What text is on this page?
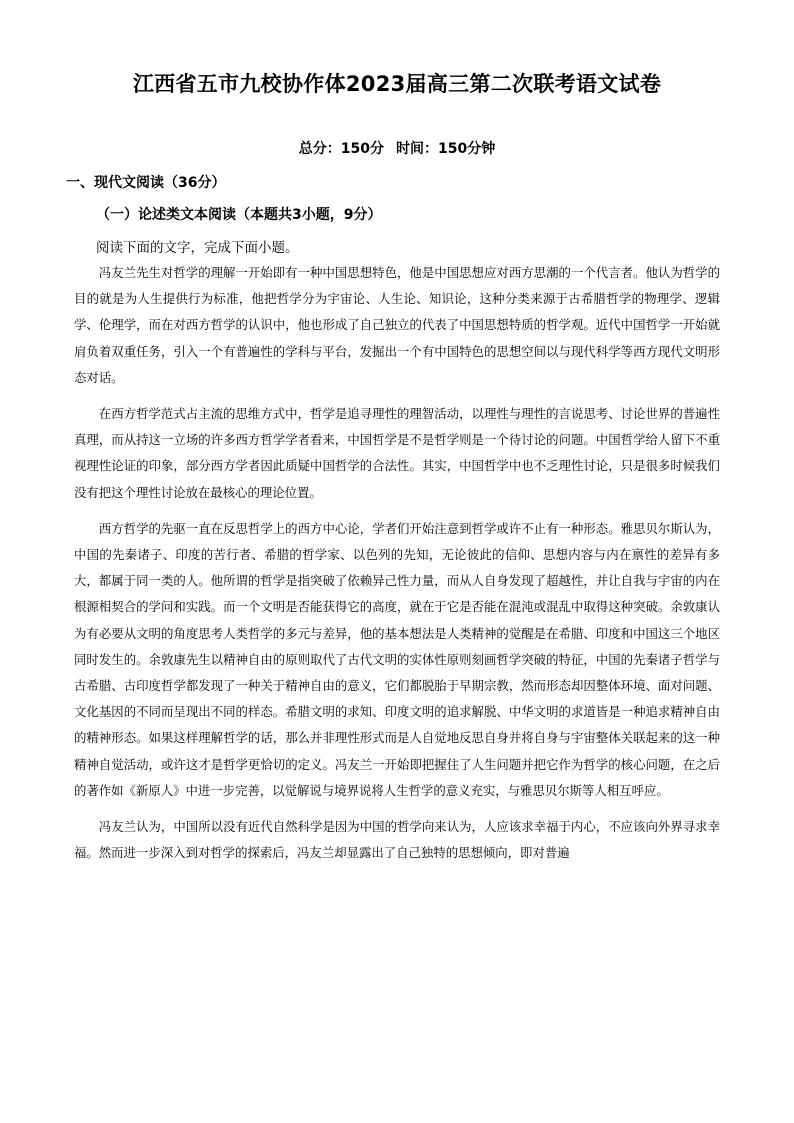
江西省五市九校协作体2023届高三第二次联考语文试卷
总分：150分 时间：150分钟
一、现代文阅读（36分）
（一）论述类文本阅读（本题共3小题，9分）
阅读下面的文字，完成下面小题。

冯友兰先生对哲学的理解一开始即有一种中国思想特色，他是中国思想应对西方思潮的一个代言者。他认为哲学的目的就是为人生提供行为标准，他把哲学分为宇宙论、人生论、知识论，这种分类来源于古希腊哲学的物理学、逻辑学、伦理学，而在对西方哲学的认识中，他也形成了自己独立的代表了中国思想特质的哲学观。近代中国哲学一开始就肩负着双重任务，引入一个有普遍性的学科与平台，发掘出一个有中国特色的思想空间以与现代科学等西方现代文明形态对话。

在西方哲学范式占主流的思维方式中，哲学是追寻理性的理智活动，以理性与理性的言说思考、讨论世界的普遍性真理，而从持这一立场的许多西方哲学学者看来，中国哲学是不是哲学则是一个待讨论的问题。中国哲学给人留下不重视理性论证的印象，部分西方学者因此质疑中国哲学的合法性。其实，中国哲学中也不乏理性讨论，只是很多时候我们没有把这个理性讨论放在最核心的理论位置。

西方哲学的先驱一直在反思哲学上的西方中心论，学者们开始注意到哲学或许不止有一种形态。雅思贝尔斯认为，中国的先秦诸子、印度的苦行者、希腊的哲学家、以色列的先知，无论彼此的信仰、思想内容与内在禀性的差异有多大，都属于同一类的人。他所谓的哲学是指突破了依赖异己性力量，而从人自身发现了超越性，并让自我与宇宙的内在根源相契合的学问和实践。而一个文明是否能获得它的高度，就在于它是否能在混沌或混乱中取得这种突破。余敦康认为有必要从文明的角度思考人类哲学的多元与差异，他的基本想法是人类精神的觉醒是在希腊、印度和中国这三个地区同时发生的。余敦康先生以精神自由的原则取代了古代文明的实体性原则刻画哲学突破的特征，中国的先秦诸子哲学与古希腊、古印度哲学都发现了一种关于精神自由的意义，它们都脱胎于早期宗教，然而形态却因整体环境、面对问题、文化基因的不同而呈现出不同的样态。希腊文明的求知、印度文明的追求解脱、中华文明的求道皆是一种追求精神自由的精神形态。如果这样理解哲学的话，那么并非理性形式而是人自觉地反思自身并将自身与宇宙整体关联起来的这一种精神自觉活动，或许这才是哲学更恰切的定义。冯友兰一开始即把握住了人生问题并把它作为哲学的核心问题，在之后的著作如《新原人》中进一步完善，以觉解说与境界说将人生哲学的意义充实，与雅思贝尔斯等人相互呼应。

冯友兰认为，中国所以没有近代自然科学是因为中国的哲学向来认为，人应该求幸福于内心，不应该向外界寻求幸福。然而进一步深入到对哲学的探索后，冯友兰却显露出了自己独特的思想倾向，即对普遍
